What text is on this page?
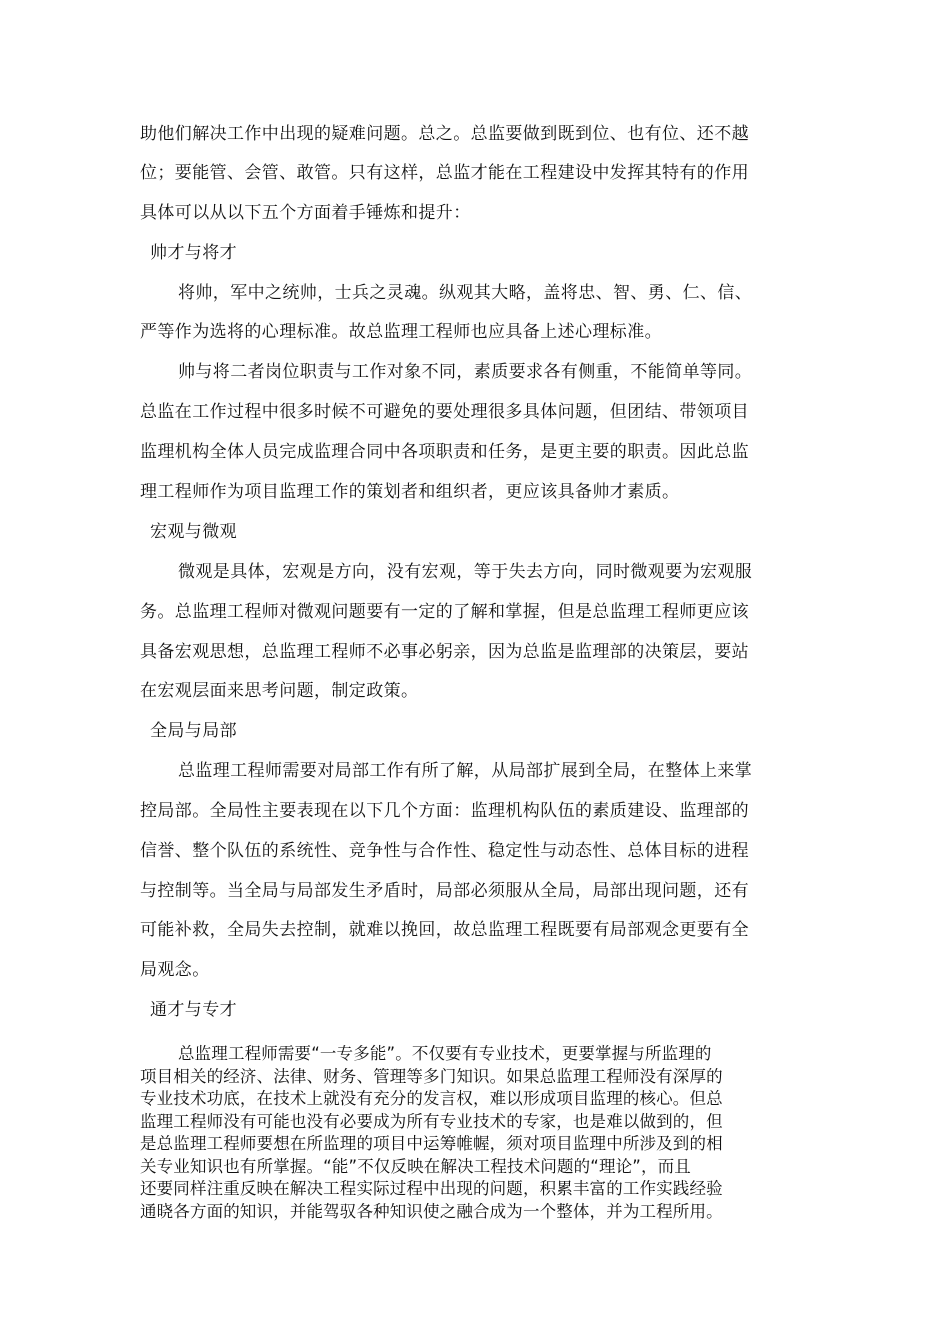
助他们解决工作中出现的疑难问题。总之。总监要做到既到位、也有位、还不越
位；要能管、会管、敢管。只有这样，总监才能在工程建设中发挥其特有的作用
具体可以从以下五个方面着手锤炼和提升：
帅才与将才
将帅，军中之统帅，士兵之灵魂。纵观其大略，盖将忠、智、勇、仁、信、
严等作为选将的心理标准。故总监理工程师也应具备上述心理标准。
帅与将二者岗位职责与工作对象不同，素质要求各有侧重，不能简单等同。
总监在工作过程中很多时候不可避免的要处理很多具体问题，但团结、带领项目
监理机构全体人员完成监理合同中各项职责和任务，是更主要的职责。因此总监
理工程师作为项目监理工作的策划者和组织者，更应该具备帅才素质。
宏观与微观
微观是具体，宏观是方向，没有宏观，等于失去方向，同时微观要为宏观服
务。总监理工程师对微观问题要有一定的了解和掌握，但是总监理工程师更应该
具备宏观思想，总监理工程师不必事必躬亲，因为总监是监理部的决策层，要站
在宏观层面来思考问题，制定政策。
全局与局部
总监理工程师需要对局部工作有所了解，从局部扩展到全局，在整体上来掌
控局部。全局性主要表现在以下几个方面：监理机构队伍的素质建设、监理部的
信誉、整个队伍的系统性、竞争性与合作性、稳定性与动态性、总体目标的进程
与控制等。当全局与局部发生矛盾时，局部必须服从全局，局部出现问题，还有
可能补救，全局失去控制，就难以挽回，故总监理工程既要有局部观念更要有全
局观念。
通才与专才
总监理工程师需要“一专多能”。不仅要有专业技术，更要掌握与所监理的
项目相关的经济、法律、财务、管理等多门知识。如果总监理工程师没有深厚的
专业技术功底，在技术上就没有充分的发言权，难以形成项目监理的核心。但总
监理工程师没有可能也没有必要成为所有专业技术的专家，也是难以做到的，但
是总监理工程师要想在所监理的项目中运筹帷幄，须对项目监理中所涉及到的相
关专业知识也有所掌握。“能”不仅反映在解决工程技术问题的“理论”，而且
还要同样注重反映在解决工程实际过程中出现的问题，积累丰富的工作实践经验
通晓各方面的知识，并能驾驭各种知识使之融合成为一个整体，并为工程所用。
